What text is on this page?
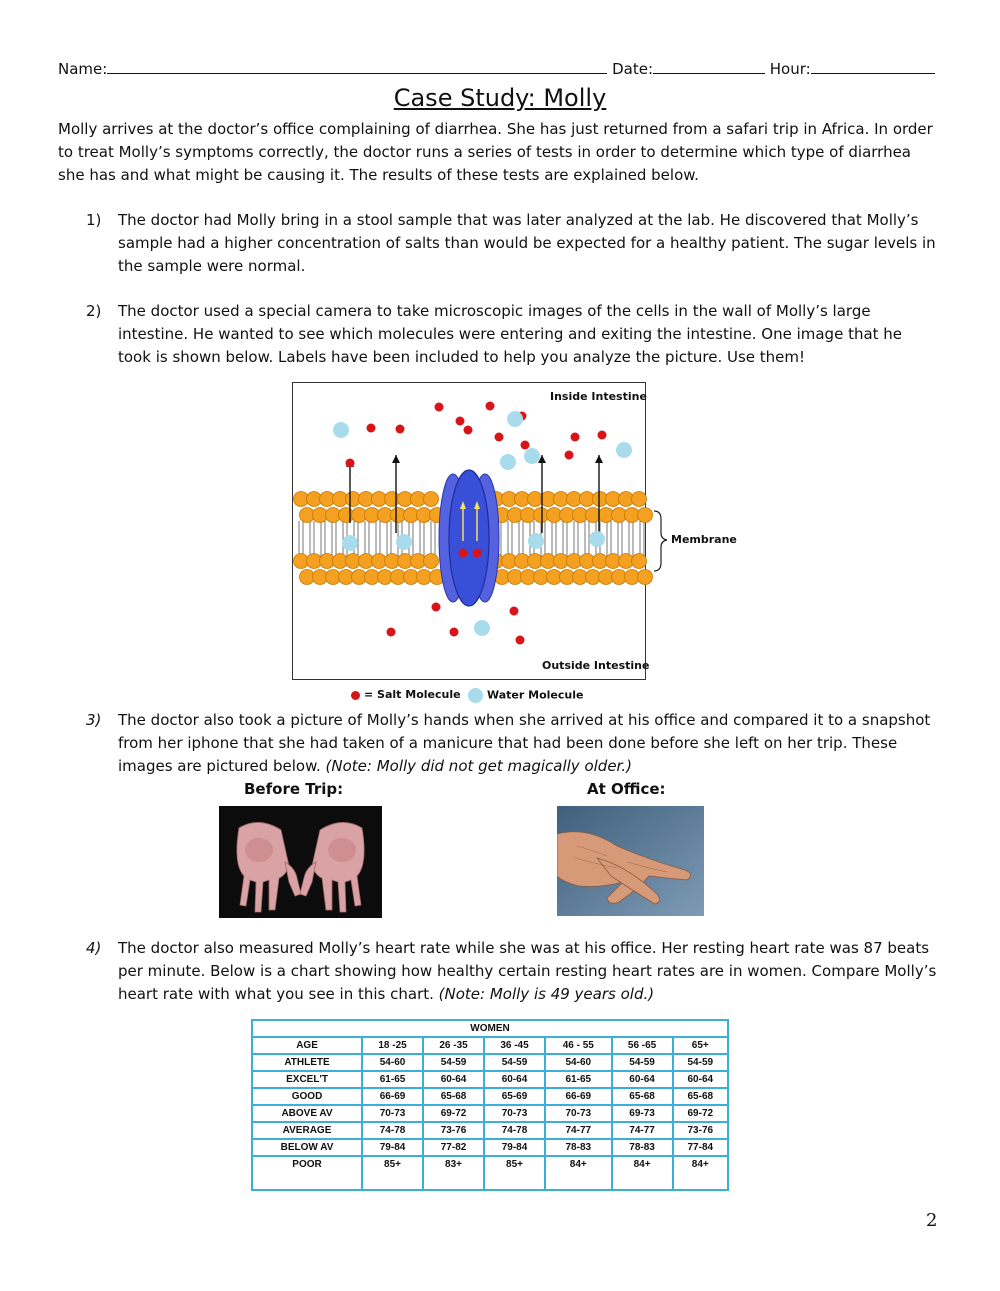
Name:	Date:	Hour:
Case Study: Molly
Molly arrives at the doctor’s office complaining of diarrhea. She has just returned from a safari trip in Africa. In order to treat Molly’s symptoms correctly, the doctor runs a series of tests in order to determine which type of diarrhea she has and what might be causing it. The results of these tests are explained below.
1)	The doctor had Molly bring in a stool sample that was later analyzed at the lab. He discovered that Molly’s sample had a higher concentration of salts than would be expected for a healthy patient. The sugar levels in the sample were normal.
2)	The doctor used a special camera to take microscopic images of the cells in the wall of Molly’s large intestine. He wanted to see which molecules were entering and exiting the intestine. One image that he took is shown below. Labels have been included to help you analyze the picture. Use them!
Inside Intestine
Membrane
Outside Intestine
= Salt Molecule	Water Molecule
3)	The doctor also took a picture of Molly’s hands when she arrived at his office and compared it to a snapshot from her iphone that she had taken of a manicure that had been done before she left on her trip. These images are pictured below. (Note: Molly did not get magically older.)
Before Trip:	At Office:
4)	The doctor also measured Molly’s heart rate while she was at his office. Her resting heart rate was 87 beats per minute. Below is a chart showing how healthy certain resting heart rates are in women. Compare Molly’s heart rate with what you see in this chart. (Note: Molly is 49 years old.)
WOMEN						
AGE	18 -25	26 -35	36 -45	46 - 55	56 -65	65+
ATHLETE	54-60	54-59	54-59	54-60	54-59	54-59
EXCEL'T	61-65	60-64	60-64	61-65	60-64	60-64
GOOD	66-69	65-68	65-69	66-69	65-68	65-68
ABOVE AV	70-73	69-72	70-73	70-73	69-73	69-72
AVERAGE	74-78	73-76	74-78	74-77	74-77	73-76
BELOW AV	79-84	77-82	79-84	78-83	78-83	77-84
POOR	85+	83+	85+	84+	84+	84+
2
